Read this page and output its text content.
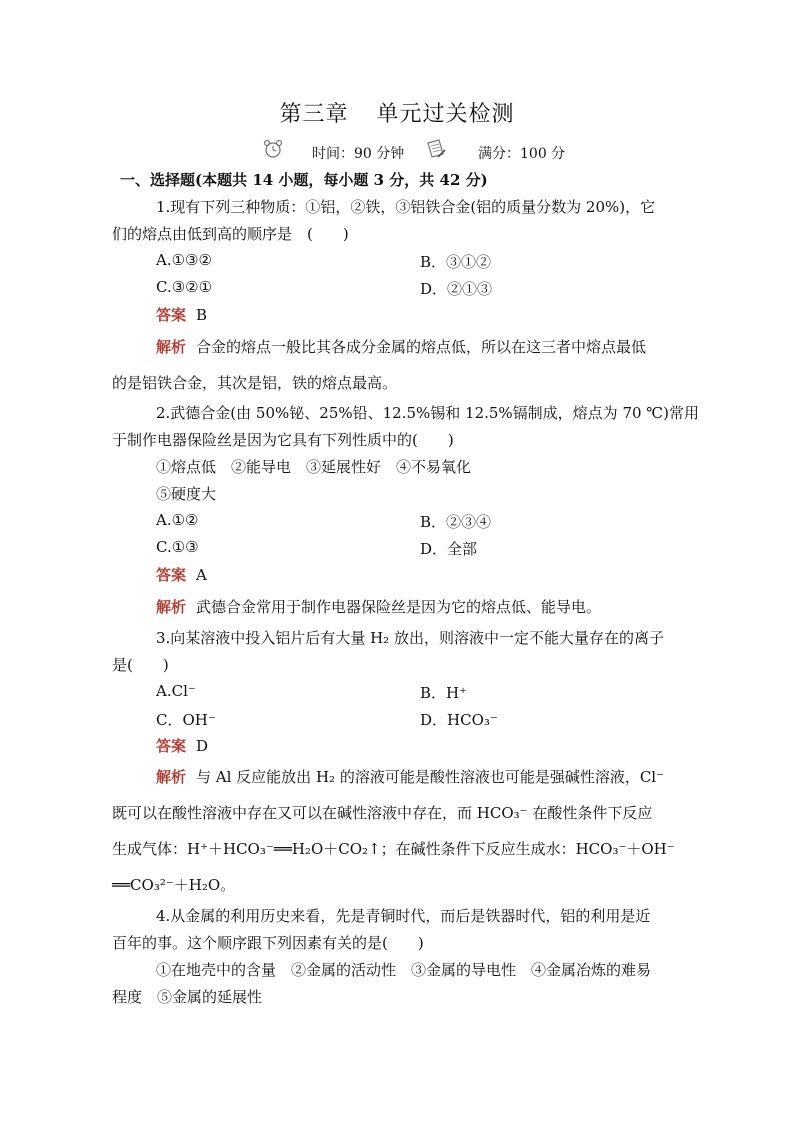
第三章 单元过关检测
时间：90 分钟	满分：100 分
一、选择题(本题共 14 小题，每小题 3 分，共 42 分)
1.现有下列三种物质：①铝，②铁，③铝铁合金(铝的质量分数为 20%)，它
们的熔点由低到高的顺序是　(　　)
A.①③②	B．③①②
C.③②①	D．②①③
答案 B
解析 合金的熔点一般比其各成分金属的熔点低，所以在这三者中熔点最低
的是铝铁合金，其次是铝，铁的熔点最高。
2.武德合金(由 50%铋、25%铅、12.5%锡和 12.5%镉制成，熔点为 70 ℃)常用
于制作电器保险丝是因为它具有下列性质中的(　　)
①熔点低　②能导电　③延展性好　④不易氧化
⑤硬度大
A.①②	B．②③④
C.①③	D．全部
答案 A
解析 武德合金常用于制作电器保险丝是因为它的熔点低、能导电。
3.向某溶液中投入铝片后有大量 H₂ 放出，则溶液中一定不能大量存在的离子
是(　　)
A.Cl⁻	B．H⁺
C．OH⁻	D．HCO₃⁻
答案 D
解析 与 Al 反应能放出 H₂ 的溶液可能是酸性溶液也可能是强碱性溶液，Cl⁻
既可以在酸性溶液中存在又可以在碱性溶液中存在，而 HCO₃⁻ 在酸性条件下反应
生成气体：H⁺＋HCO₃⁻══H₂O＋CO₂↑；在碱性条件下反应生成水：HCO₃⁻＋OH⁻
══CO₃²⁻＋H₂O。
4.从金属的利用历史来看，先是青铜时代，而后是铁器时代，铝的利用是近
百年的事。这个顺序跟下列因素有关的是(　　)
①在地壳中的含量　②金属的活动性　③金属的导电性　④金属冶炼的难易
程度　⑤金属的延展性
